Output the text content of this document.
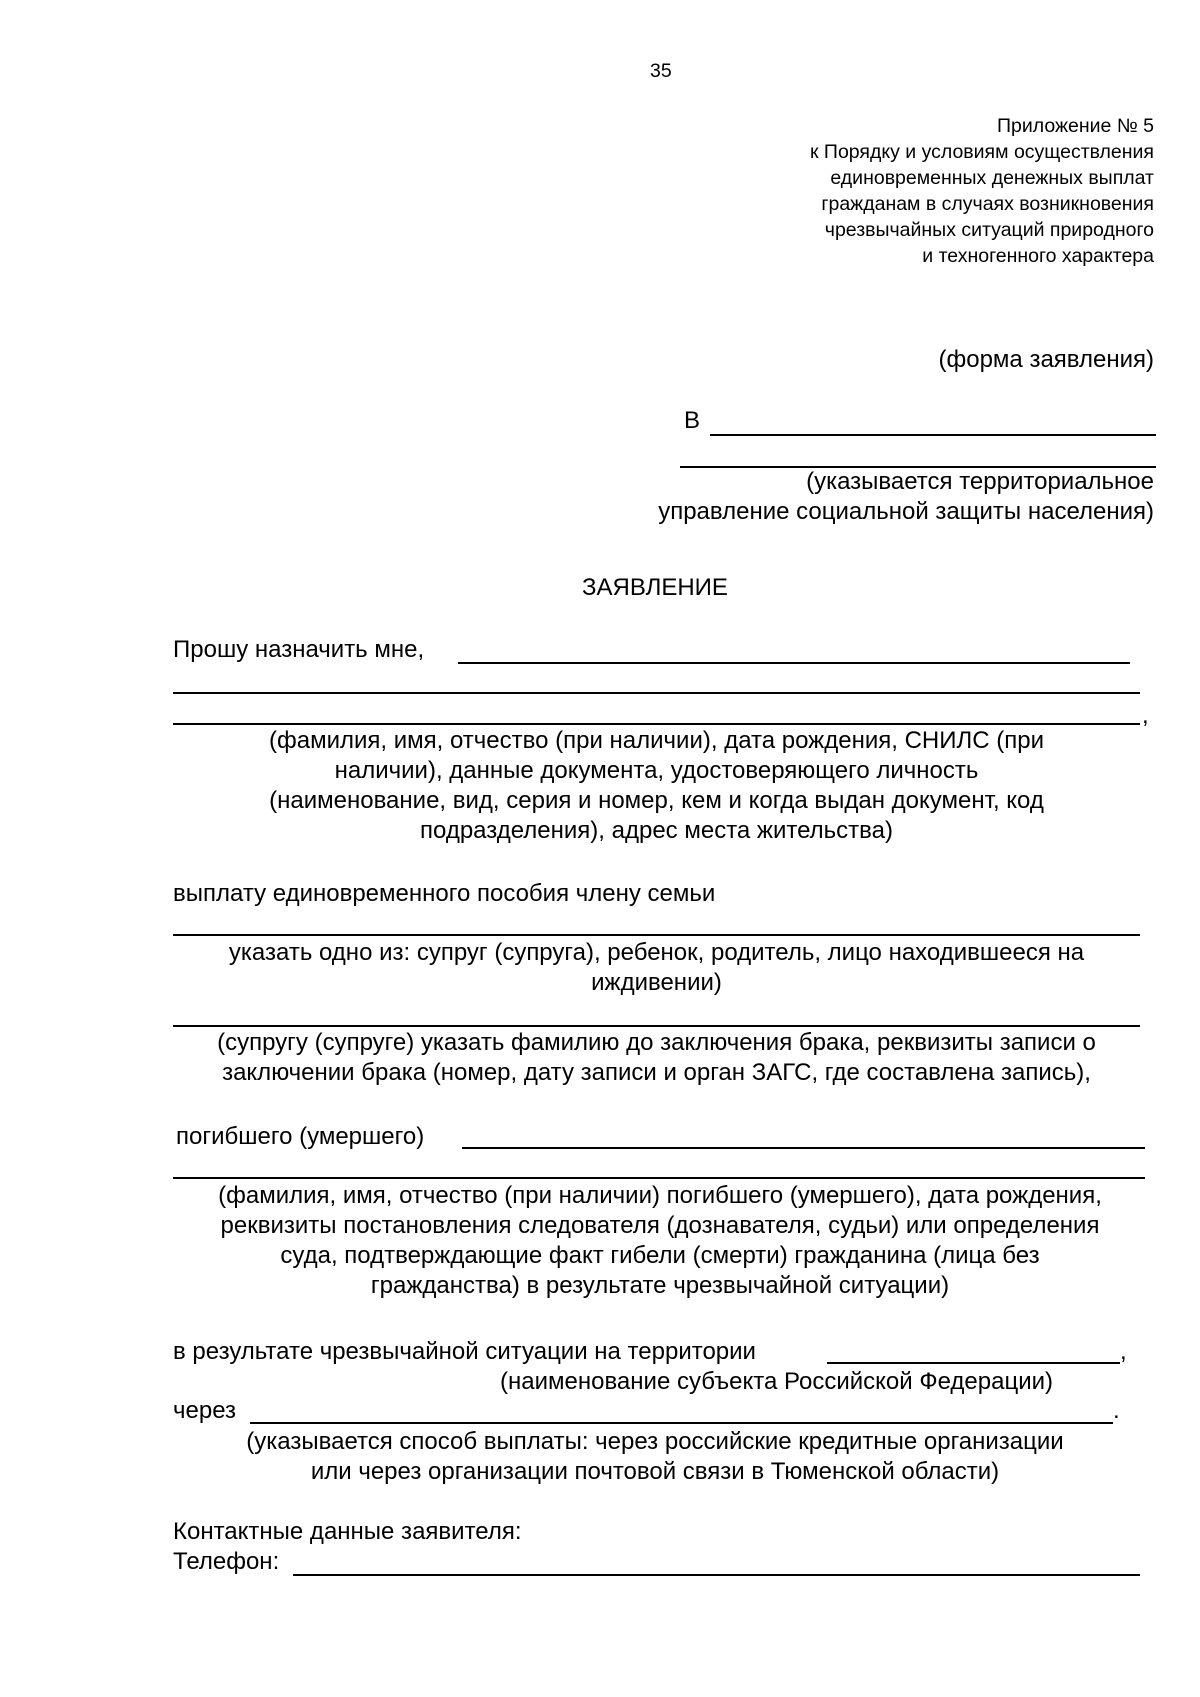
35
Приложение № 5
к Порядку и условиям осуществления
единовременных денежных выплат
гражданам в случаях возникновения
чрезвычайных ситуаций природного
и техногенного характера
(форма заявления)
В
(указывается территориальное
управление социальной защиты населения)
ЗАЯВЛЕНИЕ
Прошу назначить мне,
,
(фамилия, имя, отчество (при наличии), дата рождения, СНИЛС (при
наличии), данные документа, удостоверяющего личность
(наименование, вид, серия и номер, кем и когда выдан документ, код
подразделения), адрес места жительства)
выплату единовременного пособия члену семьи
указать одно из: супруг (супруга), ребенок, родитель, лицо находившееся на
иждивении)
(супругу (супруге) указать фамилию до заключения брака, реквизиты записи о
заключении брака (номер, дату записи и орган ЗАГС, где составлена запись),
погибшего (умершего)
(фамилия, имя, отчество (при наличии) погибшего (умершего), дата рождения,
реквизиты постановления следователя (дознавателя, судьи) или определения
суда, подтверждающие факт гибели (смерти) гражданина (лица без
гражданства) в результате чрезвычайной ситуации)
в результате чрезвычайной ситуации на территории	,
(наименование субъекта Российской Федерации)
через	.
(указывается способ выплаты: через российские кредитные организации
или через организации почтовой связи в Тюменской области)
Контактные данные заявителя:
Телефон:
